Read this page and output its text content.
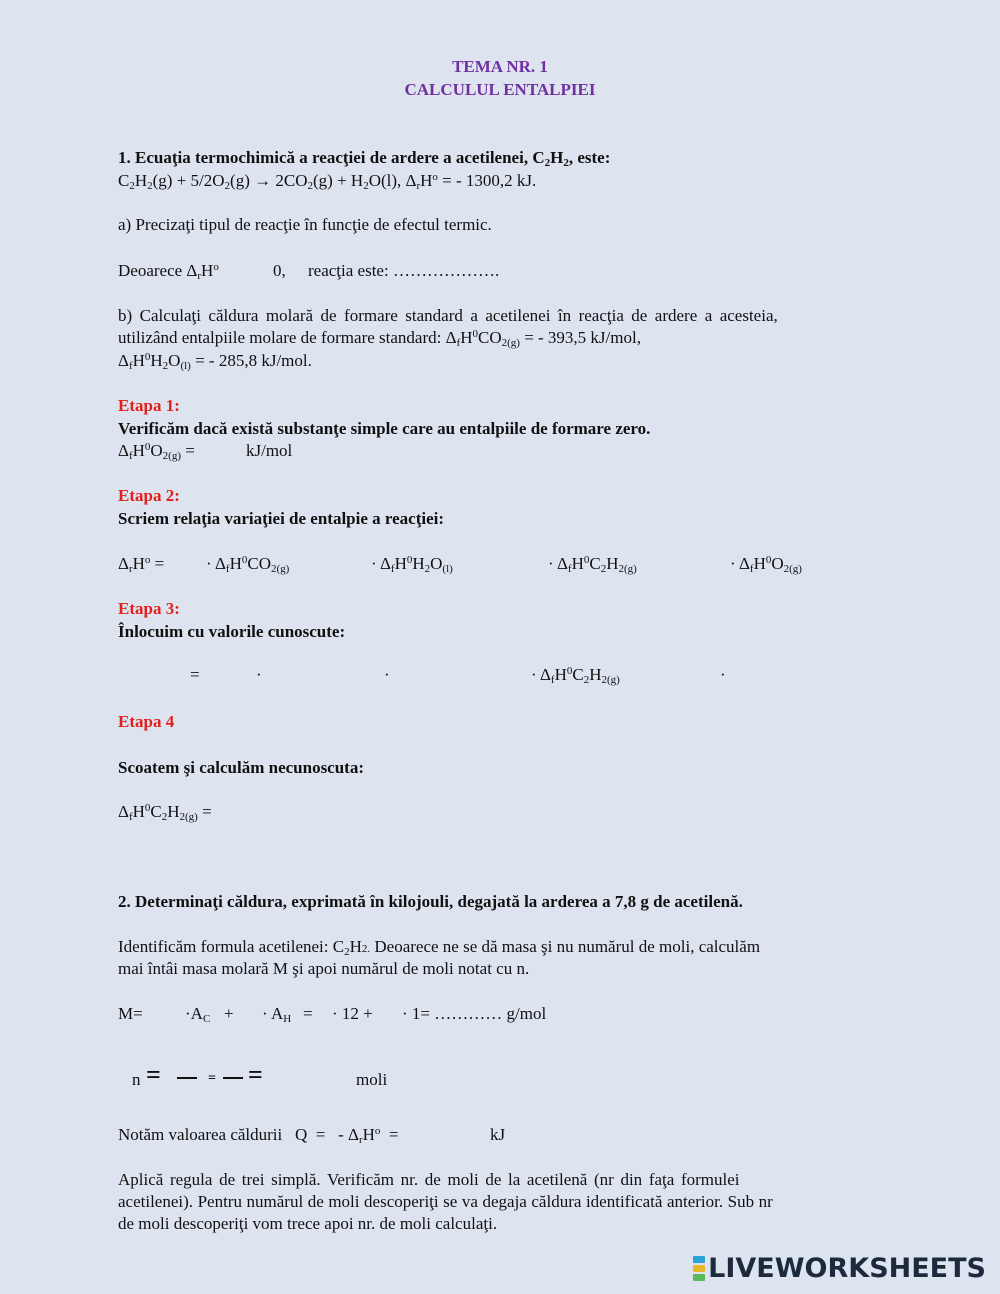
TEMA NR. 1
CALCULUL ENTALPIEI
1. Ecuaţia termochimică a reacţiei de ardere a acetilenei, $C_2H_2$, este:
$C_2H_2(g) + 5/2O_2(g) \to 2CO_2(g) + H_2O(l)$, $\Delta_rH^o$ = - 1300,2 kJ.
a) Precizaţi tipul de reacţie în funcţie de efectul termic.
Deoarece $\Delta_rH^o$	0, reacţia este: ……………….
b) Calculaţi căldura molară de formare standard a acetilenei în reacţia de ardere a acesteia,
utilizând entalpiile molare de formare standard: $\Delta_fH^0CO_{2(g)}$ = - 393,5 kJ/mol,
$\Delta_fH^0H_2O_{(l)}$ = - 285,8 kJ/mol.
Etapa 1:
Verificăm dacă există substanţe simple care au entalpiile de formare zero.
$\Delta_fH^0O_{2(g)}$ =	kJ/mol
Etapa 2:
Scriem relaţia variaţiei de entalpie a reacţiei:
$\Delta_rH^o$ = · $\Delta_fH^0CO_{2(g)}$	· $\Delta_fH^0H_2O_{(l)}$	· $\Delta_fH^0C_2H_{2(g)}$	· $\Delta_fH^0O_{2(g)}$
Etapa 3:
Înlocuim cu valorile cunoscute:
=	·	·	· $\Delta_fH^0C_2H_{2(g)}$	·
Etapa 4
Scoatem şi calculăm necunoscuta:
$\Delta_fH^0C_2H_{2(g)}$ =
2. Determinaţi căldura, exprimată în kilojouli, degajată la arderea a 7,8 g de acetilenă.
Identificăm formula acetilenei: $C_2H2$. Deoarece ne se dă masa şi nu numărul de moli, calculăm
mai întâi masa molară M şi apoi numărul de moli notat cu n.
$M= \cdot A_C$ + · $A_H$ = · 12 + · 1= ………… g/mol
n =	= =	moli
Notăm valoarea căldurii   Q  =   - $\Delta_rH^o$  =	kJ
Aplică regula de trei simplă. Verificăm nr. de moli de la acetilenă (nr din faţa formulei
acetilenei). Pentru numărul de moli descoperiţi se va degaja căldura identificată anterior. Sub nr
de moli descoperiţi vom trece apoi nr. de moli calculaţi.
LIVEWORKSHEETS
